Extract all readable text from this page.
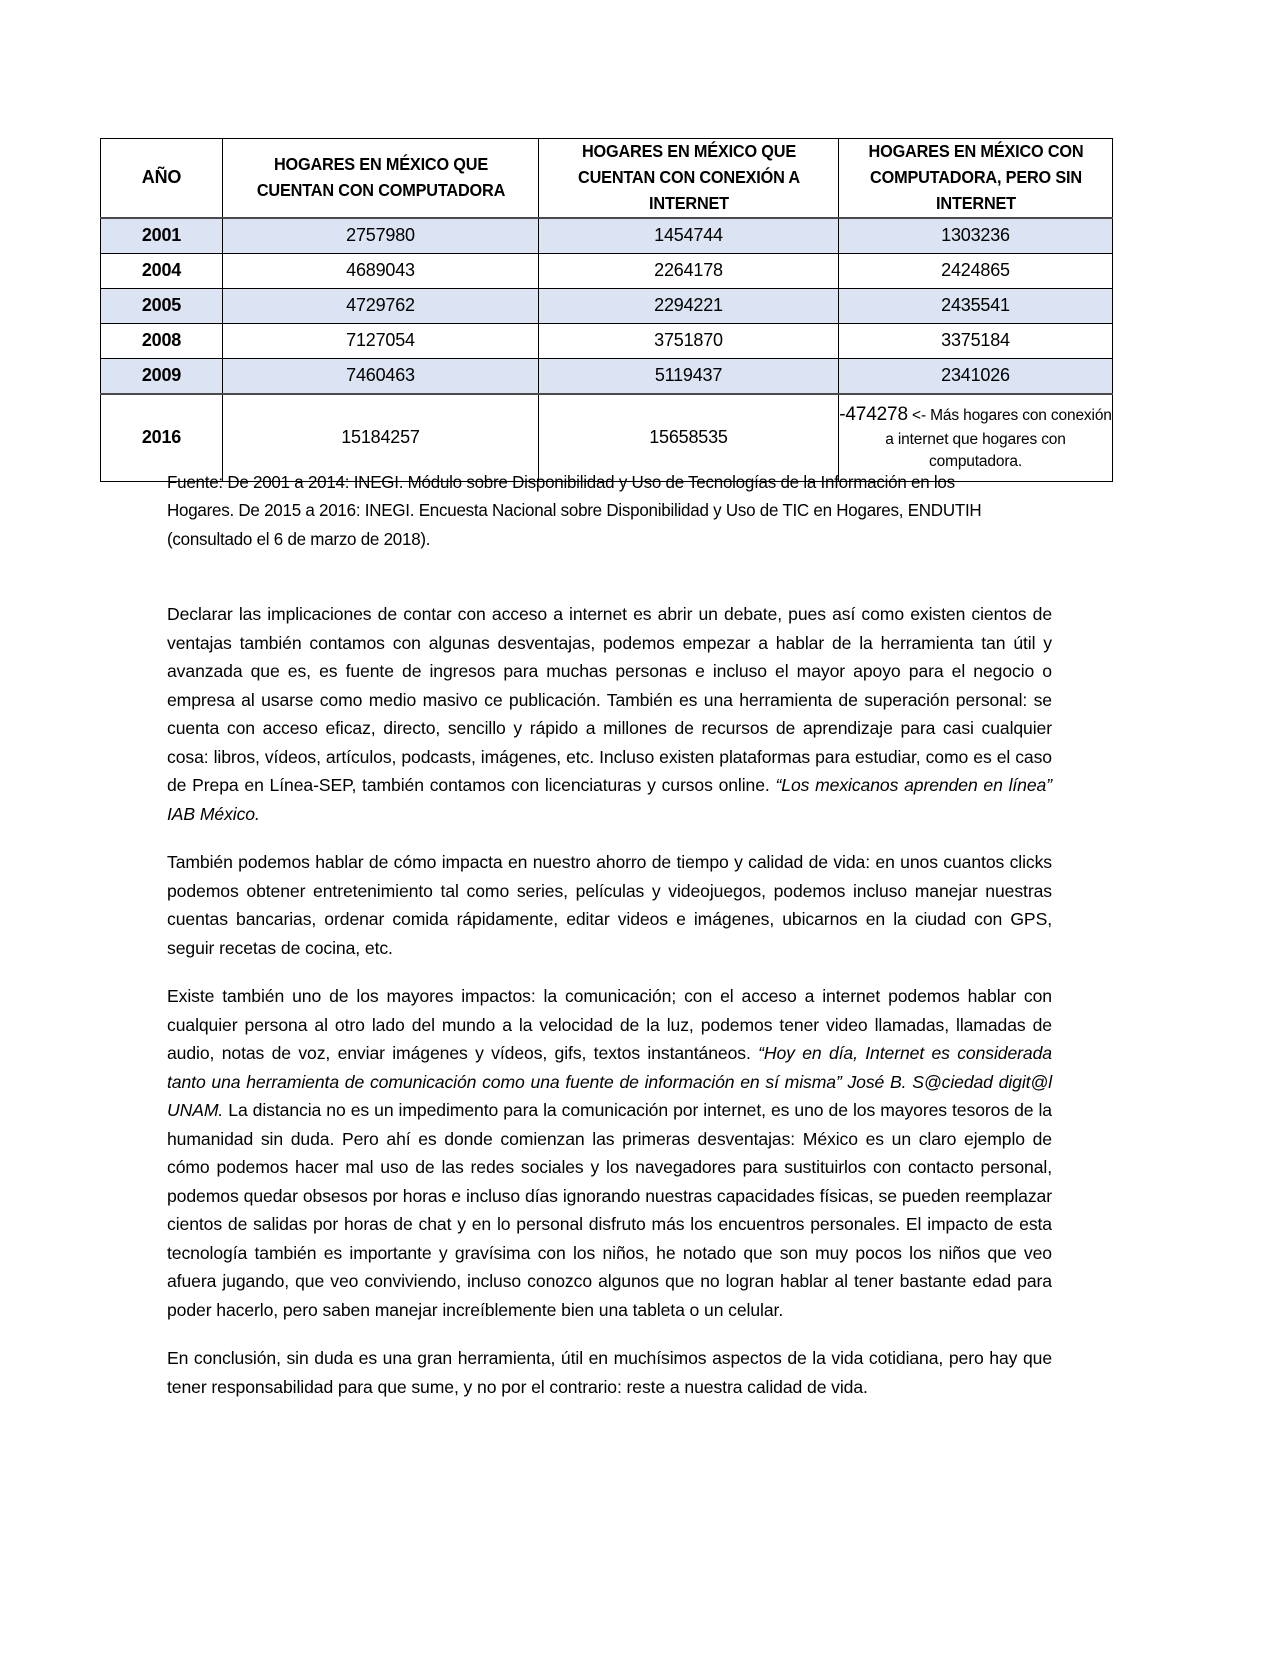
AÑO	HOGARES EN MÉXICO QUE CUENTAN CON COMPUTADORA	HOGARES EN MÉXICO QUE CUENTAN CON CONEXIÓN A INTERNET	HOGARES EN MÉXICO CON COMPUTADORA, PERO SIN INTERNET
2001	2757980	1454744	1303236
2004	4689043	2264178	2424865
2005	4729762	2294221	2435541
2008	7127054	3751870	3375184
2009	7460463	5119437	2341026
2016	15184257	15658535	-474278 <- Más hogares con conexión a internet que hogares con computadora.
Fuente: De 2001 a 2014: INEGI. Módulo sobre Disponibilidad y Uso de Tecnologías de la Información en los Hogares. De 2015 a 2016: INEGI. Encuesta Nacional sobre Disponibilidad y Uso de TIC en Hogares, ENDUTIH (consultado el 6 de marzo de 2018).

Declarar las implicaciones de contar con acceso a internet es abrir un debate, pues así como existen cientos de ventajas también contamos con algunas desventajas, podemos empezar a hablar de la herramienta tan útil y avanzada que es, es fuente de ingresos para muchas personas e incluso el mayor apoyo para el negocio o empresa al usarse como medio masivo ce publicación. También es una herramienta de superación personal: se cuenta con acceso eficaz, directo, sencillo y rápido a millones de recursos de aprendizaje para casi cualquier cosa: libros, vídeos, artículos, podcasts, imágenes, etc. Incluso existen plataformas para estudiar, como es el caso de Prepa en Línea-SEP, también contamos con licenciaturas y cursos online. “Los mexicanos aprenden en línea” IAB México.

También podemos hablar de cómo impacta en nuestro ahorro de tiempo y calidad de vida: en unos cuantos clicks podemos obtener entretenimiento tal como series, películas y videojuegos, podemos incluso manejar nuestras cuentas bancarias, ordenar comida rápidamente, editar videos e imágenes, ubicarnos en la ciudad con GPS, seguir recetas de cocina, etc.

Existe también uno de los mayores impactos: la comunicación; con el acceso a internet podemos hablar con cualquier persona al otro lado del mundo a la velocidad de la luz, podemos tener video llamadas, llamadas de audio, notas de voz, enviar imágenes y vídeos, gifs, textos instantáneos. “Hoy en día, Internet es considerada tanto una herramienta de comunicación como una fuente de información en sí misma” José B. S@ciedad digit@l UNAM. La distancia no es un impedimento para la comunicación por internet, es uno de los mayores tesoros de la humanidad sin duda. Pero ahí es donde comienzan las primeras desventajas: México es un claro ejemplo de cómo podemos hacer mal uso de las redes sociales y los navegadores para sustituirlos con contacto personal, podemos quedar obsesos por horas e incluso días ignorando nuestras capacidades físicas, se pueden reemplazar cientos de salidas por horas de chat y en lo personal disfruto más los encuentros personales. El impacto de esta tecnología también es importante y gravísima con los niños, he notado que son muy pocos los niños que veo afuera jugando, que veo conviviendo, incluso conozco algunos que no logran hablar al tener bastante edad para poder hacerlo, pero saben manejar increíblemente bien una tableta o un celular.

En conclusión, sin duda es una gran herramienta, útil en muchísimos aspectos de la vida cotidiana, pero hay que tener responsabilidad para que sume, y no por el contrario: reste a nuestra calidad de vida.
